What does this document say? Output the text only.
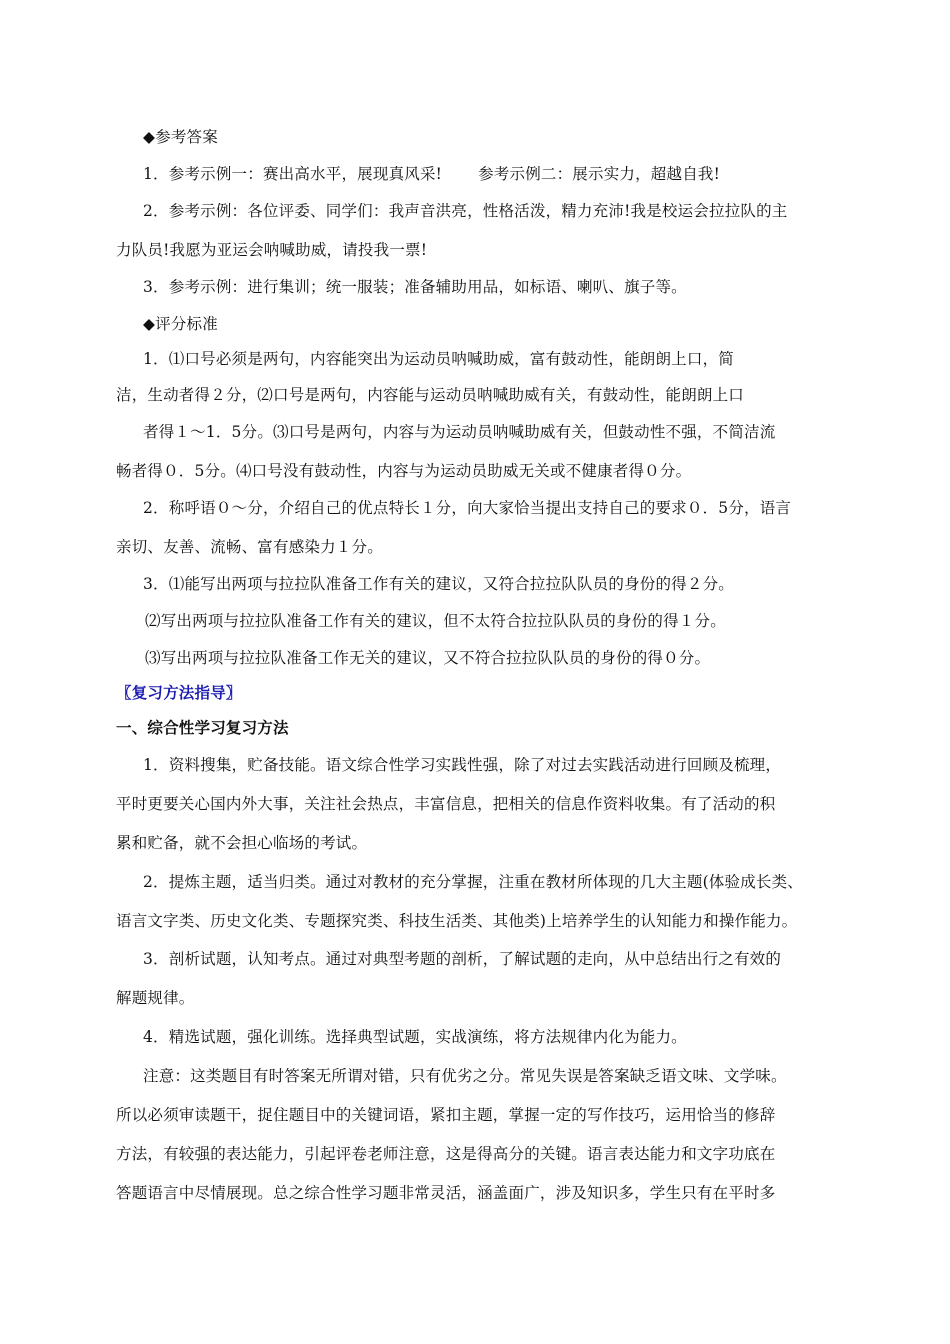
◆参考答案
1．参考示例一：赛出高水平，展现真风采! 参考示例二：展示实力，超越自我!
2．参考示例：各位评委、同学们：我声音洪亮，性格活泼，精力充沛!我是校运会拉拉队的主
力队员!我愿为亚运会呐喊助威，请投我一票!
3．参考示例：进行集训；统一服装；准备辅助用品，如标语、喇叭、旗子等。
◆评分标准
1．⑴口号必须是两句，内容能突出为运动员呐喊助威，富有鼓动性，能朗朗上口，简
洁，生动者得２分，⑵口号是两句，内容能与运动员呐喊助威有关，有鼓动性，能朗朗上口
者得１～1．5分。⑶口号是两句，内容与为运动员呐喊助威有关，但鼓动性不强，不简洁流
畅者得０．5分。⑷口号没有鼓动性，内容与为运动员助威无关或不健康者得０分。
2．称呼语０～分，介绍自己的优点特长１分，向大家恰当提出支持自己的要求０．5分，语言
亲切、友善、流畅、富有感染力１分。
3．⑴能写出两项与拉拉队准备工作有关的建议，又符合拉拉队队员的身份的得２分。
⑵写出两项与拉拉队准备工作有关的建议，但不太符合拉拉队队员的身份的得１分。
⑶写出两项与拉拉队准备工作无关的建议，又不符合拉拉队队员的身份的得０分。
〖复习方法指导〗
一、综合性学习复习方法
1．资料搜集，贮备技能。语文综合性学习实践性强，除了对过去实践活动进行回顾及梳理，
平时更要关心国内外大事，关注社会热点，丰富信息，把相关的信息作资料收集。有了活动的积
累和贮备，就不会担心临场的考试。
2．提炼主题，适当归类。通过对教材的充分掌握，注重在教材所体现的几大主题(体验成长类、
语言文字类、历史文化类、专题探究类、科技生活类、其他类)上培养学生的认知能力和操作能力。
3．剖析试题，认知考点。通过对典型考题的剖析，了解试题的走向，从中总结出行之有效的
解题规律。
4．精选试题，强化训练。选择典型试题，实战演练，将方法规律内化为能力。
注意：这类题目有时答案无所谓对错，只有优劣之分。常见失误是答案缺乏语文味、文学味。
所以必须审读题干，捉住题目中的关键词语，紧扣主题，掌握一定的写作技巧，运用恰当的修辞
方法，有较强的表达能力，引起评卷老师注意，这是得高分的关键。语言表达能力和文字功底在
答题语言中尽情展现。总之综合性学习题非常灵活，涵盖面广，涉及知识多，学生只有在平时多
